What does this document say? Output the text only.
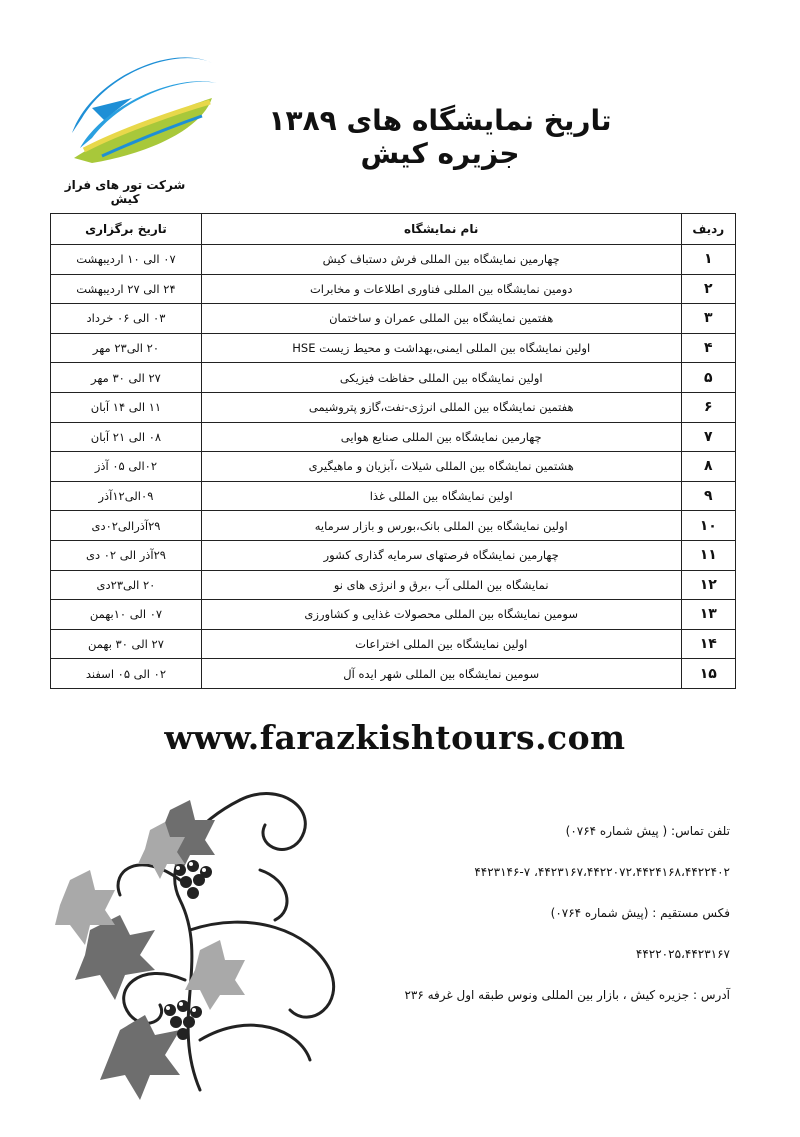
شرکت تور های فراز کیش
تاریخ نمایشگاه های ۱۳۸۹ جزیره کیش
ردیف	نام نمایشگاه	تاریخ برگزاری
۱	چهارمین نمایشگاه بین المللی فرش دستباف کیش	۰۷ الی ۱۰ اردیبهشت
۲	دومین نمایشگاه بین المللی فناوری اطلاعات و مخابرات	۲۴ الی ۲۷ اردیبهشت
۳	هفتمین نمایشگاه بین المللی عمران و ساختمان	۰۳ الی ۰۶ خرداد
۴	اولین نمایشگاه بین المللی ایمنی،بهداشت و محیط زیست HSE	۲۰ الی۲۳ مهر
۵	اولین نمایشگاه بین المللی حفاظت فیزیکی	۲۷ الی ۳۰ مهر
۶	هفتمین نمایشگاه بین المللی انرژی-نفت،گازو پتروشیمی	۱۱ الی ۱۴ آبان
۷	چهارمین نمایشگاه بین المللی صنایع هوایی	۰۸ الی ۲۱ آبان
۸	هشتمین نمایشگاه بین المللی شیلات ،آبزیان و ماهیگیری	۰۲الی ۰۵ آذز
۹	اولین نمایشگاه بین المللی غذا	۰۹الی۱۲آذر
۱۰	اولین نمایشگاه بین المللی بانک،بورس و بازار سرمایه	۲۹آذرالی۰۲دی
۱۱	چهارمین نمایشگاه فرصتهای سرمایه گذاری کشور	۲۹آذر الی ۰۲ دی
۱۲	نمایشگاه بین المللی آب ،برق و انرژی های نو	۲۰ الی۲۳دی
۱۳	سومین نمایشگاه بین المللی محصولات غذایی و کشاورزی	۰۷ الی ۱۰بهمن
۱۴	اولین نمایشگاه بین المللی اختراعات	۲۷ الی ۳۰ بهمن
۱۵	سومین نمایشگاه بین المللی شهر ایده آل	۰۲ الی ۰۵ اسفند
www.farazkishtours.com
تلفن تماس: ( پیش شماره ۰۷۶۴)
۴۴۲۳۱۶۷،۴۴۲۲۰۷۲،۴۴۲۴۱۶۸،۴۴۲۲۴۰۲، ۴۴۲۳۱۴۶-۷
فکس مستقیم : (پیش شماره ۰۷۶۴)
۴۴۲۲۰۲۵،۴۴۲۳۱۶۷
آدرس : جزیره کیش ، بازار بین المللی ونوس طبقه اول غرفه ۲۳۶
